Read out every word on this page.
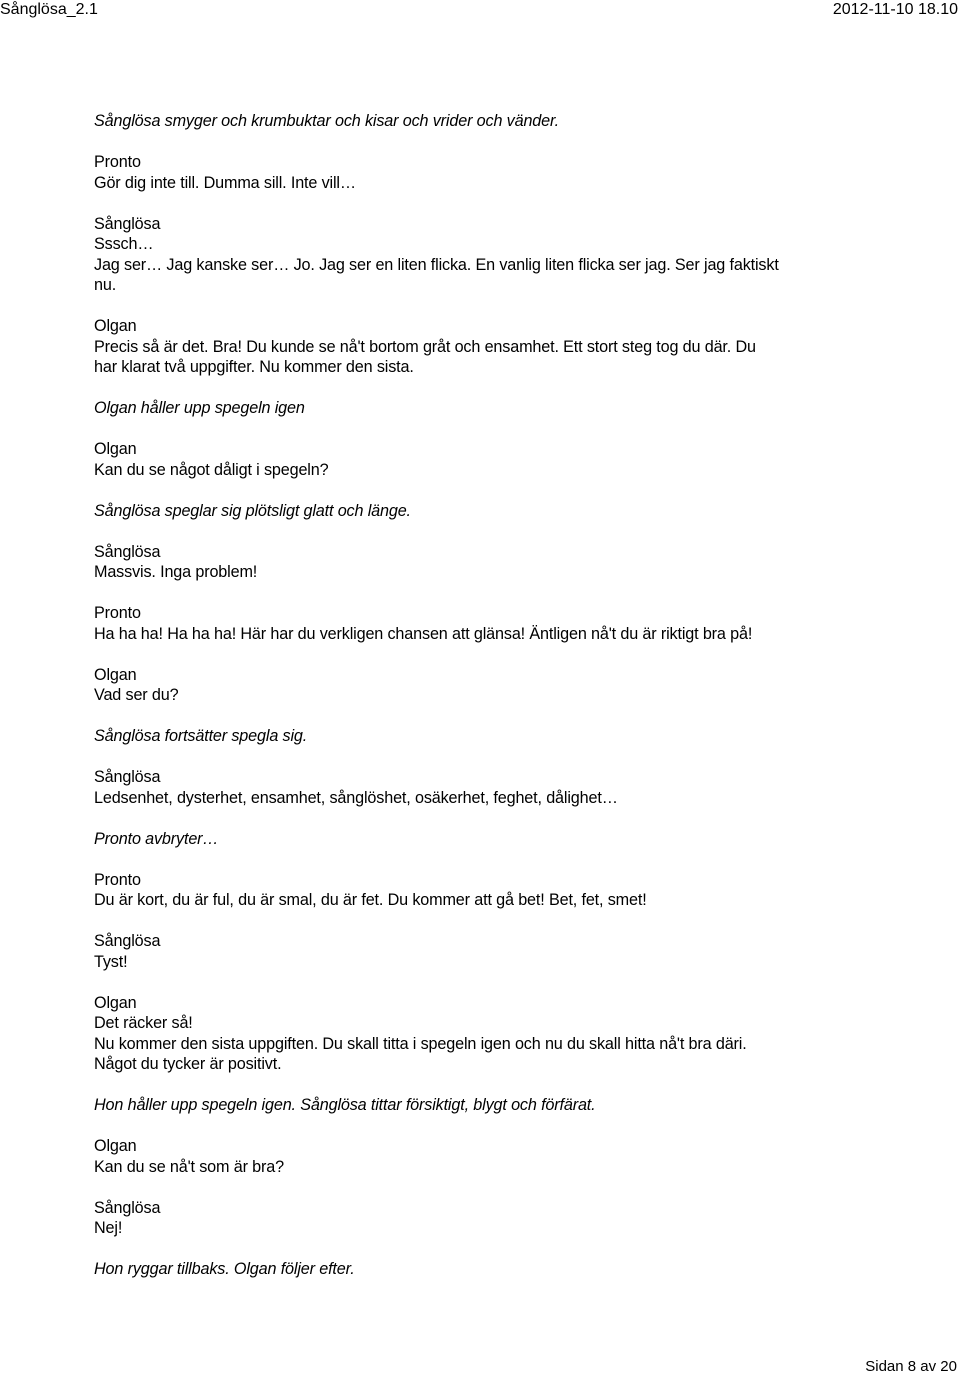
Sånglösa_2.1	2012-11-10 18.10
Sånglösa smyger och krumbuktar och kisar och vrider och vänder.
Pronto
Gör dig inte till. Dumma sill. Inte vill…
Sånglösa
Sssch…
Jag ser… Jag kanske ser… Jo. Jag ser en liten flicka. En vanlig liten flicka ser jag. Ser jag faktiskt
nu.
Olgan
Precis så är det. Bra! Du kunde se nå't bortom gråt och ensamhet. Ett stort steg tog du där. Du
har klarat två uppgifter. Nu kommer den sista.
Olgan håller upp spegeln igen
Olgan
Kan du se något dåligt i spegeln?
Sånglösa speglar sig plötsligt glatt och länge.
Sånglösa
Massvis. Inga problem!
Pronto
Ha ha ha! Ha ha ha! Här har du verkligen chansen att glänsa! Äntligen nå't du är riktigt bra på!
Olgan
Vad ser du?
Sånglösa fortsätter spegla sig.
Sånglösa
Ledsenhet, dysterhet, ensamhet, sånglöshet, osäkerhet, feghet, dålighet…
Pronto avbryter…
Pronto
Du är kort, du är ful, du är smal, du är fet. Du kommer att gå bet! Bet, fet, smet!
Sånglösa
Tyst!
Olgan
Det räcker så!
Nu kommer den sista uppgiften. Du skall titta i spegeln igen och nu du skall hitta nå't bra däri.
Något du tycker är positivt.
Hon håller upp spegeln igen. Sånglösa tittar försiktigt, blygt och förfärat.
Olgan
Kan du se nå't som är bra?
Sånglösa
Nej!
Hon ryggar tillbaks. Olgan följer efter.
Sidan 8 av 20
